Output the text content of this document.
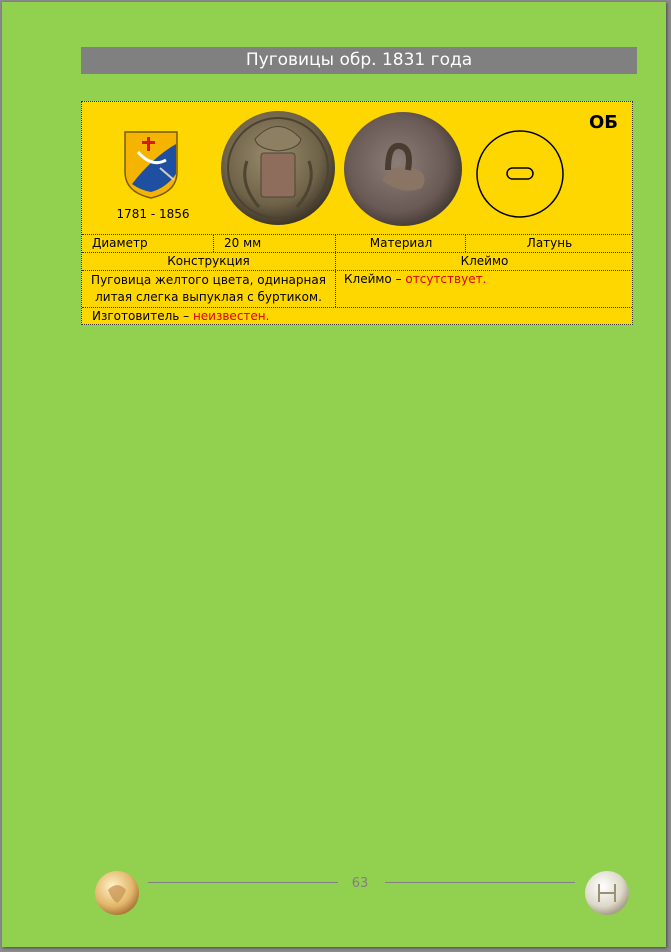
Пуговицы обр. 1831 года
1781 - 1856
ОБ
Диаметр	20 мм	Материал	Латунь
Конструкция	Клеймо
Пуговица желтого цвета, одинарная литая слегка выпуклая с буртиком.
Клеймо – отсутствует.
Изготовитель – неизвестен.
63
